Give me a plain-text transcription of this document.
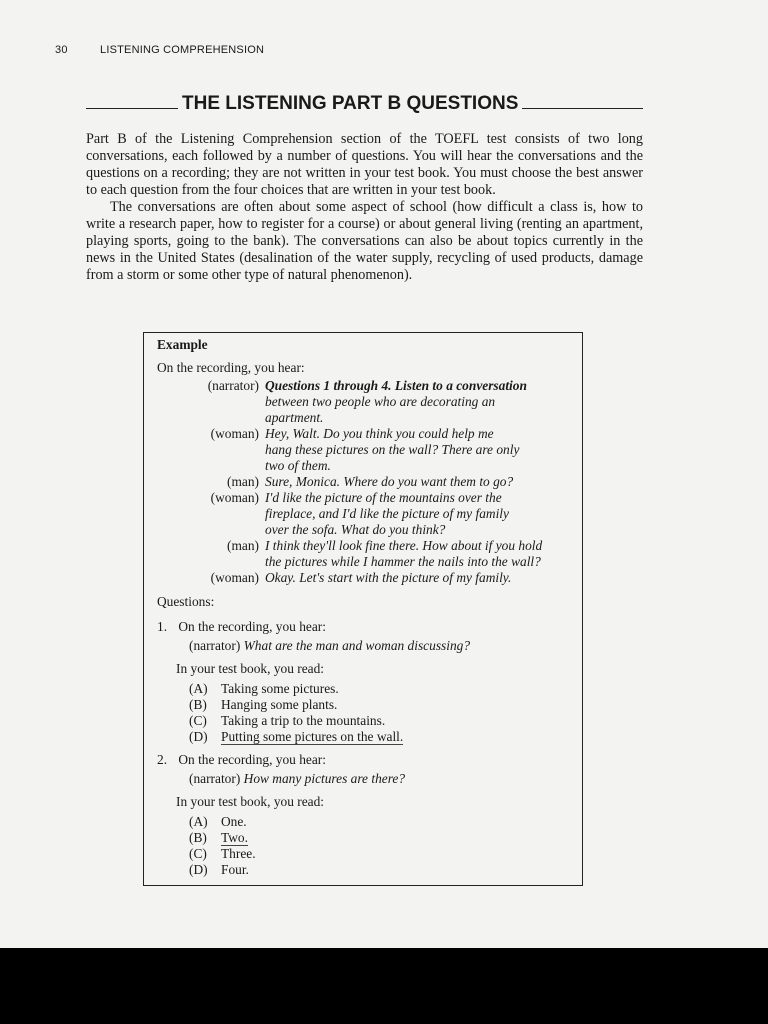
30	LISTENING COMPREHENSION
THE LISTENING PART B QUESTIONS

Part B of the Listening Comprehension section of the TOEFL test consists of two long conversations, each followed by a number of questions. You will hear the conversations and the questions on a recording; they are not written in your test book. You must choose the best answer to each question from the four choices that are written in your test book.

The conversations are often about some aspect of school (how difficult a class is, how to write a research paper, how to register for a course) or about general living (renting an apartment, playing sports, going to the bank). The conversations can also be about topics currently in the news in the United States (desalination of the water supply, recycling of used products, damage from a storm or some other type of natural phenomenon).

Example
On the recording, you hear:
(narrator) Questions 1 through 4. Listen to a conversation
between two people who are decorating an
apartment.
(woman) Hey, Walt. Do you think you could help me
hang these pictures on the wall? There are only
two of them.
(man) Sure, Monica. Where do you want them to go?
(woman) I'd like the picture of the mountains over the
fireplace, and I'd like the picture of my family
over the sofa. What do you think?
(man) I think they'll look fine there. How about if you hold
the pictures while I hammer the nails into the wall?
(woman) Okay. Let's start with the picture of my family.
Questions:
1. On the recording, you hear:
(narrator) What are the man and woman discussing?
In your test book, you read:
(A) Taking some pictures.
(B) Hanging some plants.
(C) Taking a trip to the mountains.
(D) Putting some pictures on the wall.
2. On the recording, you hear:
(narrator) How many pictures are there?
In your test book, you read:
(A) One.
(B) Two.
(C) Three.
(D) Four.
